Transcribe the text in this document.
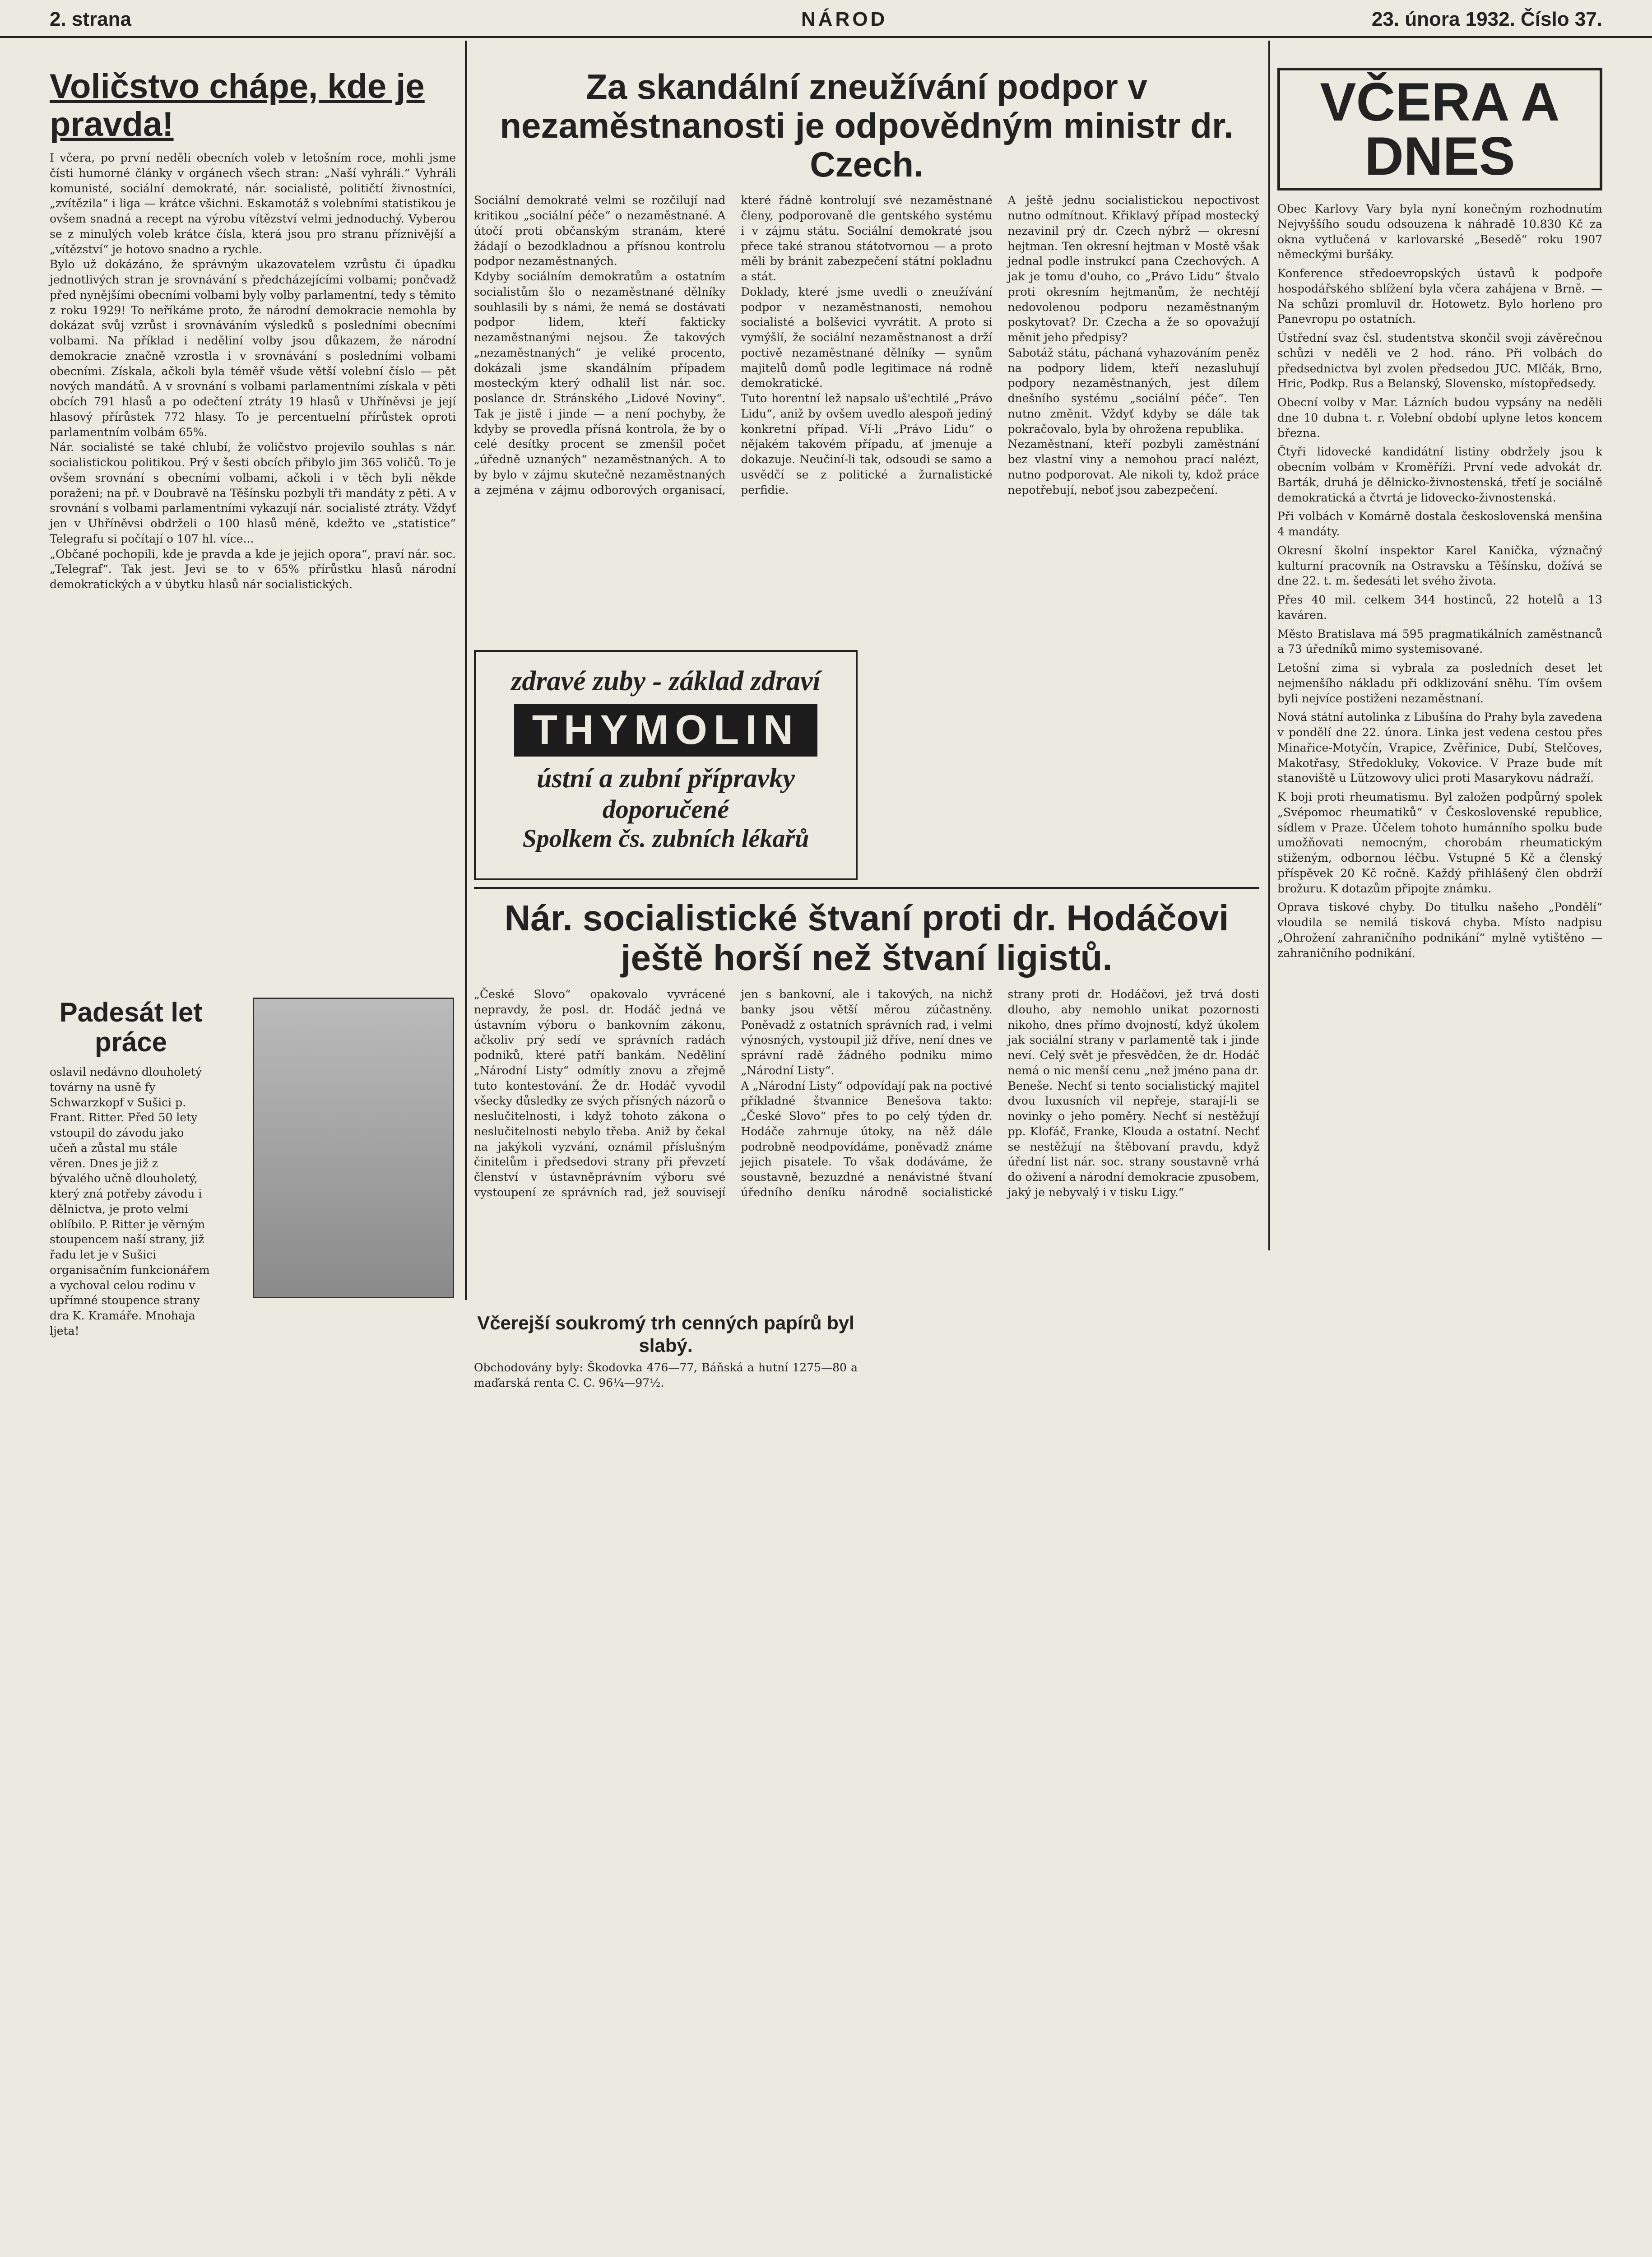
2. strana	NÁROD	23. února 1932. Číslo 37.
Voličstvo chápe, kde je pravda!

I včera, po první neděli obecních voleb v letošním roce, mohli jsme čísti humorné články v orgánech všech stran: „Naší vyhráli.“ Vyhráli komunisté, sociální demokraté, nár. socialisté, političtí živnostníci, „zvítězila“ i liga — krátce všichni. Eskamotáž s volebními statistikou je ovšem snadná a recept na výrobu vítězství velmi jednoduchý. Vyberou se z minulých voleb krátce čísla, která jsou pro stranu příznivější a „vítězství“ je hotovo snadno a rychle.
Bylo už dokázáno, že správným ukazovatelem vzrůstu či úpadku jednotlivých stran je srovnávání s předcházejícími volbami; pončvadž před nynějšími obecními volbami byly volby parlamentní, tedy s těmito z roku 1929! To neříkáme proto, že národní demokracie nemohla by dokázat svůj vzrůst i srovnáváním výsledků s posledními obecními volbami. Na příklad i neděliní volby jsou důkazem, že národní demokracie značně vzrostla i v srovnávání s posledními volbami obecními. Získala, ačkoli byla téměř všude větší volební číslo — pět nových mandátů. A v srovnání s volbami parlamentními získala v pěti obcích 791 hlasů a po odečtení ztráty 19 hlasů v Uhříněvsi je její hlasový přírůstek 772 hlasy. To je percentuelní přírůstek oproti parlamentním volbám 65%.
Nár. socialisté se také chlubí, že voličstvo projevilo souhlas s nár. socialistickou politikou. Prý v šesti obcích přibylo jim 365 voličů. To je ovšem srovnání s obecními volbami, ačkoli i v těch byli někde poraženi; na př. v Doubravě na Těšínsku pozbyli tři mandáty z pěti. A v srovnání s volbami parlamentními vykazují nár. socialisté ztráty. Vždyť jen v Uhříněvsi obdrželi o 100 hlasů méně, kdežto ve „statistice“ Telegrafu si počítají o 107 hl. více...
„Občané pochopili, kde je pravda a kde je jejich opora“, praví nár. soc. „Telegraf“. Tak jest. Jevi se to v 65% přírůstku hlasů národní demokratických a v úbytku hlasů nár socialistických.

Padesát let práce

oslavil nedávno dlouholetý továrny na usně fy Schwarzkopf v Sušici p. Frant. Ritter. Před 50 lety vstoupil do závodu jako učeň a zůstal mu stále věren. Dnes je již z bývalého učně dlouholetý, který zná potřeby závodu i dělnictva, je proto velmi oblíbilo. P. Ritter je věrným stoupencem naší strany, již řadu let je v Sušici organisačním funkcionářem a vychoval celou rodinu v upřímné stoupence strany dra K. Kramáře. Mnohaja ljeta!

Za skandální zneužívání podpor v nezaměstnanosti je odpovědným ministr dr. Czech.

Sociální demokraté velmi se rozčilují nad kritikou „sociální péče“ o nezaměstnané. A útočí proti občanským stranám, které žádají o bezodkladnou a přísnou kontrolu podpor nezaměstnaných.
Kdyby sociálním demokratům a ostatním socialistům šlo o nezaměstnané dělníky souhlasili by s námi, že nemá se dostávati podpor lidem, kteří fakticky nezaměstnanými nejsou. Že takových „nezaměstnaných“ je veliké procento, dokázali jsme skandálním případem mosteckým který odhalil list nár. soc. poslance dr. Stránského „Lidové Noviny“. Tak je jistě i jinde — a není pochyby, že kdyby se provedla přísná kontrola, že by o celé desítky procent se zmenšil počet „úředně uznaných“ nezaměstnaných. A to by bylo v zájmu skutečně nezaměstnaných a zejména v zájmu odborových organisací, které řádně kontrolují své nezaměstnané členy, podporovaně dle gentského systému i v zájmu státu. Sociální demokraté jsou přece také stranou státotvornou — a proto měli by bránit zabezpečení státní pokladnu a stát.
Doklady, které jsme uvedli o zneužívání podpor v nezaměstnanosti, nemohou socialisté a bolševici vyvrátit. A proto si vymýšlí, že sociální nezaměstnanost a drží poctivě nezaměstnané dělníky — synům majitelů domů podle legitimace ná rodně demokratické.
Tuto horentní lež napsalo uš'echtilé „Právo Lidu“, aniž by ovšem uvedlo alespoň jediný konkretní případ. Ví-li „Právo Lidu“ o nějakém takovém případu, ať jmenuje a dokazuje. Neučiní-li tak, odsoudi se samo a usvědčí se z politické a žurnalistické perfidie.
A ještě jednu socialistickou nepoctivost nutno odmítnout. Křiklavý případ mostecký nezavinil prý dr. Czech nýbrž — okresní hejtman. Ten okresní hejtman v Mostě však jednal podle instrukcí pana Czechových. A jak je tomu d'ouho, co „Právo Lidu“ štvalo proti okresním hejtmanům, že nechtějí nedovolenou podporu nezaměstnaným poskytovat? Dr. Czecha a že so opovažují měnit jeho předpisy?
Sabotáž státu, páchaná vyhazováním peněz na podpory lidem, kteří nezasluhují podpory nezaměstnaných, jest dílem dnešního systému „sociální péče“. Ten nutno změnit. Vždyť kdyby se dále tak pokračovalo, byla by ohrožena republika.
Nezaměstnaní, kteří pozbyli zaměstnání bez vlastní viny a nemohou prací nalézt, nutno podporovat. Ale nikoli ty, kdož práce nepotřebují, neboť jsou zabezpečení.

zdravé zuby - základ zdraví
THYMOLIN
ústní a zubní přípravky
doporučené
Spolkem čs. zubních lékařů
Nár. socialistické štvaní proti dr. Hodáčovi ještě horší než štvaní ligistů.

„České Slovo“ opakovalo vyvrácené nepravdy, že posl. dr. Hodáč jedná ve ústavním výboru o bankovním zákonu, ačkoliv prý sedí ve správních radách podniků, které patří bankám. Neděliní „Národní Listy“ odmítly znovu a zřejmě tuto kontestování. Že dr. Hodáč vyvodil všecky důsledky ze svých přísných názorů o neslučitelnosti, i když tohoto zákona o neslučitelnosti nebylo třeba. Aniž by čekal na jakýkoli vyzvání, oznámil příslušným činitelům i předsedovi strany při převzetí členství v ústavněprávním výboru své vystoupení ze správních rad, jež souvisejí jen s bankovní, ale i takových, na nichž banky jsou větší měrou zúčastněny. Poněvadž z ostatních správních rad, i velmi výnosných, vystoupil již dříve, není dnes ve správní radě žádného podniku mimo „Národní Listy“.
A „Národní Listy“ odpovídají pak na poctivé příkladné štvannice Benešova takto: „České Slovo“ přes to po celý týden dr. Hodáče zahrnuje útoky, na něž dále podrobně neodpovídáme, poněvadž známe jejich pisatele. To však dodáváme, že soustavně, bezuzdné a nenávistné štvaní úředního deníku národně socialistické strany proti dr. Hodáčovi, jež trvá dosti dlouho, aby nemohlo unikat pozornosti nikoho, dnes přímo dvojností, když úkolem jak sociální strany v parlamentě tak i jinde neví. Celý svět je přesvědčen, že dr. Hodáč nemá o nic menší cenu „než jméno pana dr. Beneše. Nechť si tento socialistický majitel dvou luxusních vil nepřeje, starají-li se novinky o jeho poměry. Nechť si nestěžují pp. Klofáč, Franke, Klouda a ostatní. Nechť se nestěžují na štěbovaní pravdu, když úřední list nár. soc. strany soustavně vrhá do oživení a národní demokracie zpusobem, jaký je nebyvalý i v tisku Ligy.“

Včerejší soukromý trh cenných papírů byl slabý.

Obchodovány byly: Škodovka 476—77, Báňská a hutní 1275—80 a maďarská renta C. C. 96¼—97½.

VČERA A DNES

Obec Karlovy Vary byla nyní konečným rozhodnutím Nejvyššího soudu odsouzena k náhradě 10.830 Kč za okna vytlučená v karlovarské „Besedě“ roku 1907 německými buršáky.

Konference středoevropských ústavů k podpoře hospodářského sblížení byla včera zahájena v Brně. — Na schůzi promluvil dr. Hotowetz. Bylo horleno pro Panevropu po ostatních.

Ústřední svaz čsl. studentstva skončil svoji závěrečnou schůzi v neděli ve 2 hod. ráno. Při volbách do předsednictva byl zvolen předsedou JUC. Mlčák, Brno, Hric, Podkp. Rus a Belanský, Slovensko, místopředsedy.

Obecní volby v Mar. Lázních budou vypsány na neděli dne 10 dubna t. r. Volební období uplyne letos koncem března.

Čtyři lidovecké kandidátní listiny obdržely jsou k obecním volbám v Kroměříži. První vede advokát dr. Barták, druhá je dělnicko-živnostenská, třetí je sociálně demokratická a čtvrtá je lidovecko-živnostenská.

Při volbách v Komárně dostala československá menšina 4 mandáty.

Okresní školní inspektor Karel Kanička, význačný kulturní pracovník na Ostravsku a Těšínsku, dožívá se dne 22. t. m. šedesáti let svého života.

Přes 40 mil. celkem 344 hostinců, 22 hotelů a 13 kaváren.

Město Bratislava má 595 pragmatikálních zaměstnanců a 73 úředníků mimo systemisované.

Letošní zima si vybrala za posledních deset let nejmenšího nákladu při odklizování sněhu. Tím ovšem byli nejvíce postiženi nezaměstnaní.

Nová státní autolinka z Libušína do Prahy byla zavedena v pondělí dne 22. února. Linka jest vedena cestou přes Minařice-Motyčín, Vrapice, Zvěřinice, Dubí, Stelčoves, Makotřasy, Středokluky, Vokovice. V Praze bude mít stanoviště u Lützowovy ulici proti Masarykovu nádraží.

K boji proti rheumatismu. Byl založen podpůrný spolek „Svépomoc rheumatiků“ v Československé republice, sídlem v Praze. Účelem tohoto humánního spolku bude umožňovati nemocným, chorobám rheumatickým stiženým, odbornou léčbu. Vstupné 5 Kč a členský příspěvek 20 Kč ročně. Každý přihlášený člen obdrží brožuru. K dotazům připojte známku.

Oprava tiskové chyby. Do titulku našeho „Pondělí“ vloudila se nemilá tisková chyba. Místo nadpisu „Ohrožení zahraničního podnikání“ mylně vytištěno — zahraničního podnikání.
